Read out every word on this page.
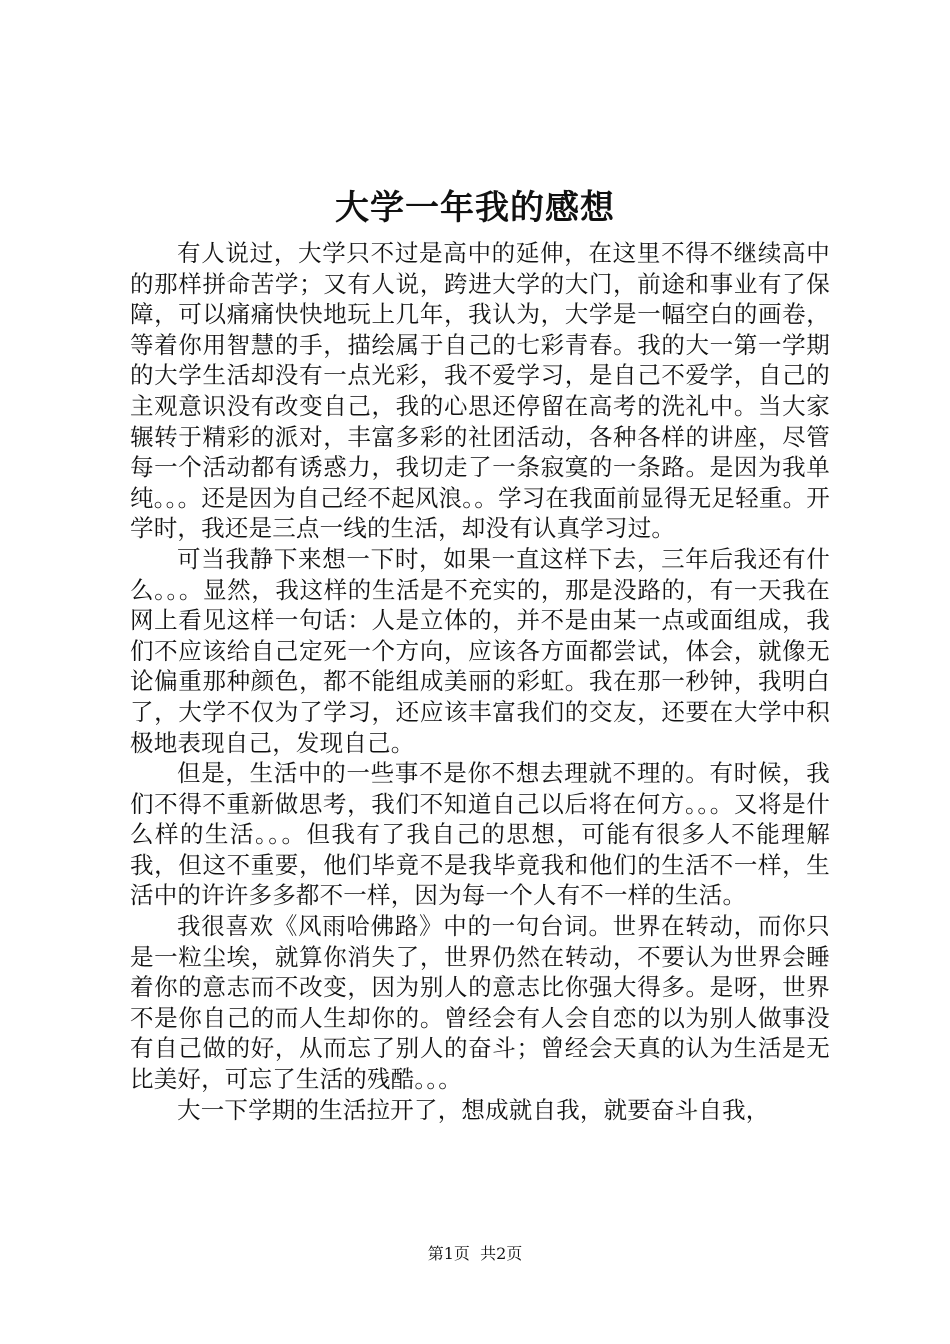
大学一年我的感想

有人说过，大学只不过是高中的延伸，在这里不得不继续高中的那样拼命苦学；又有人说，跨进大学的大门，前途和事业有了保障，可以痛痛快快地玩上几年，我认为，大学是一幅空白的画卷，等着你用智慧的手，描绘属于自己的七彩青春。我的大一第一学期的大学生活却没有一点光彩，我不爱学习，是自己不爱学，自己的主观意识没有改变自己，我的心思还停留在高考的洗礼中。当大家辗转于精彩的派对，丰富多彩的社团活动，各种各样的讲座，尽管每一个活动都有诱惑力，我切走了一条寂寞的一条路。是因为我单纯。。。还是因为自己经不起风浪。。学习在我面前显得无足轻重。开学时，我还是三点一线的生活，却没有认真学习过。

可当我静下来想一下时，如果一直这样下去，三年后我还有什么。。。显然，我这样的生活是不充实的，那是没路的，有一天我在网上看见这样一句话：人是立体的，并不是由某一点或面组成，我们不应该给自己定死一个方向，应该各方面都尝试，体会，就像无论偏重那种颜色，都不能组成美丽的彩虹。我在那一秒钟，我明白了，大学不仅为了学习，还应该丰富我们的交友，还要在大学中积极地表现自己，发现自己。

但是，生活中的一些事不是你不想去理就不理的。有时候，我们不得不重新做思考，我们不知道自己以后将在何方。。。又将是什么样的生活。。。但我有了我自己的思想，可能有很多人不能理解我，但这不重要，他们毕竟不是我毕竟我和他们的生活不一样，生活中的许许多多都不一样，因为每一个人有不一样的生活。

我很喜欢《风雨哈佛路》中的一句台词。世界在转动，而你只是一粒尘埃，就算你消失了，世界仍然在转动，不要认为世界会睡着你的意志而不改变，因为别人的意志比你强大得多。是呀，世界不是你自己的而人生却你的。曾经会有人会自恋的以为别人做事没有自己做的好，从而忘了别人的奋斗；曾经会天真的认为生活是无比美好，可忘了生活的残酷。。。

大一下学期的生活拉开了，想成就自我，就要奋斗自我，

第1页  共2页
